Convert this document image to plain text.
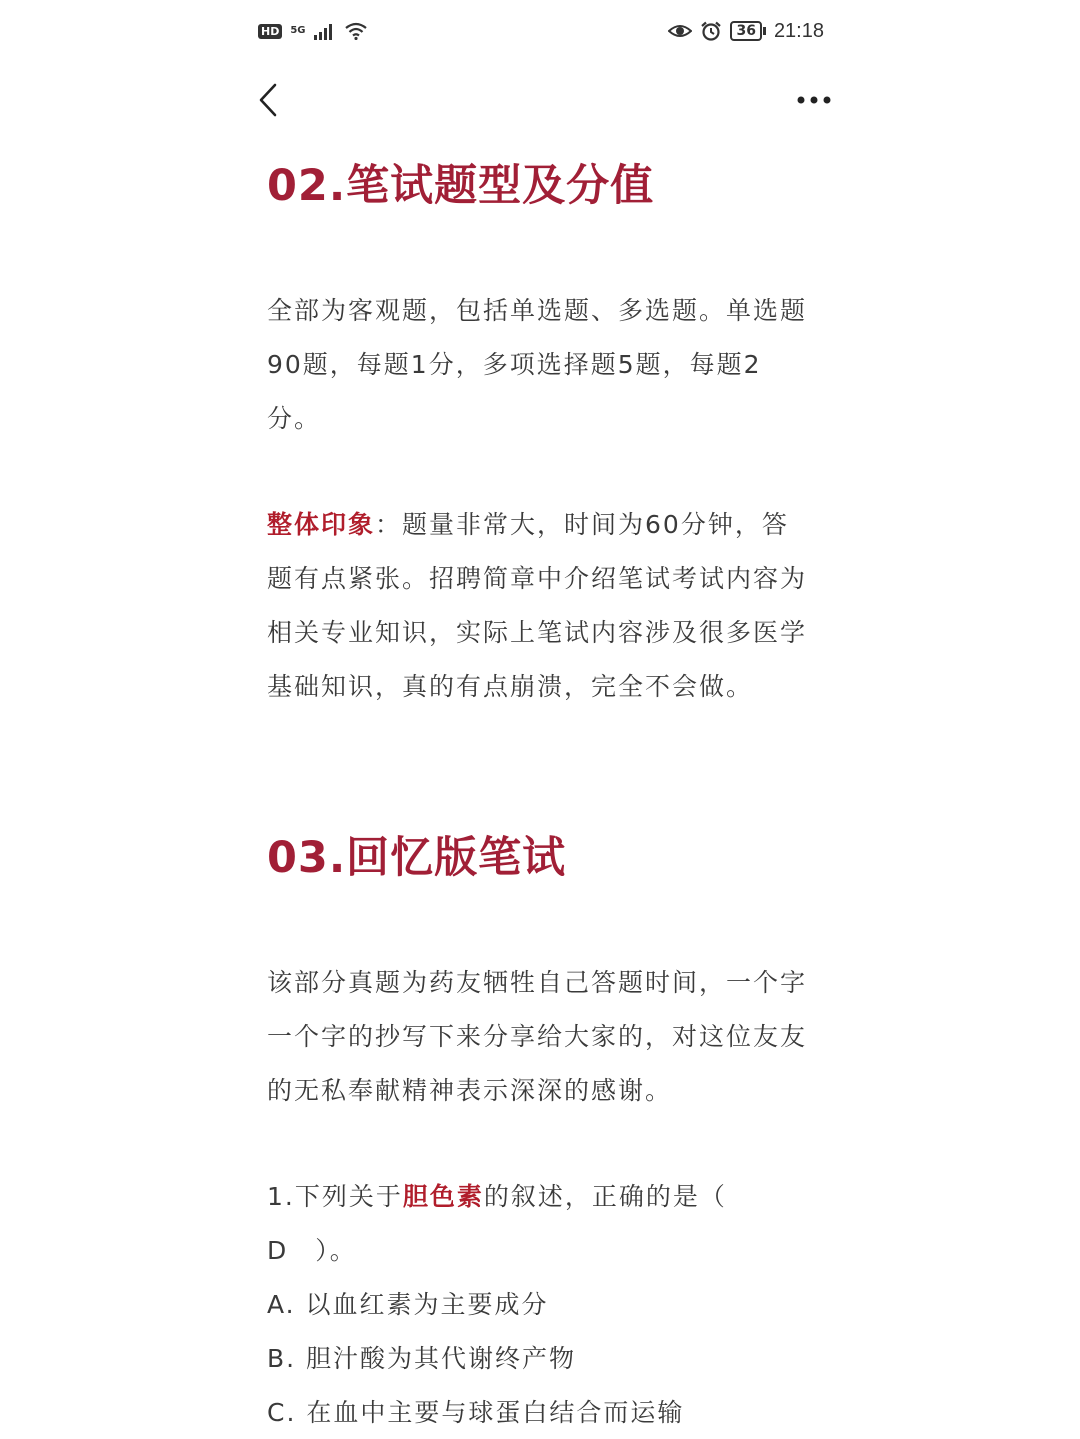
HD	5G	36 21:18
02.笔试题型及分值

全部为客观题，包括单选题、多选题。单选题90题，每题1分，多项选择题5题，每题2分。

整体印象：题量非常大，时间为60分钟，答题有点紧张。招聘简章中介绍笔试考试内容为相关专业知识，实际上笔试内容涉及很多医学基础知识，真的有点崩溃，完全不会做。

03.回忆版笔试

该部分真题为药友牺牲自己答题时间，一个字一个字的抄写下来分享给大家的，对这位友友的无私奉献精神表示深深的感谢。

1.下列关于胆色素的叙述，正确的是（　D　）。

A. 以血红素为主要成分

B. 胆汁酸为其代谢终产物

C. 在血中主要与球蛋白结合而运输
